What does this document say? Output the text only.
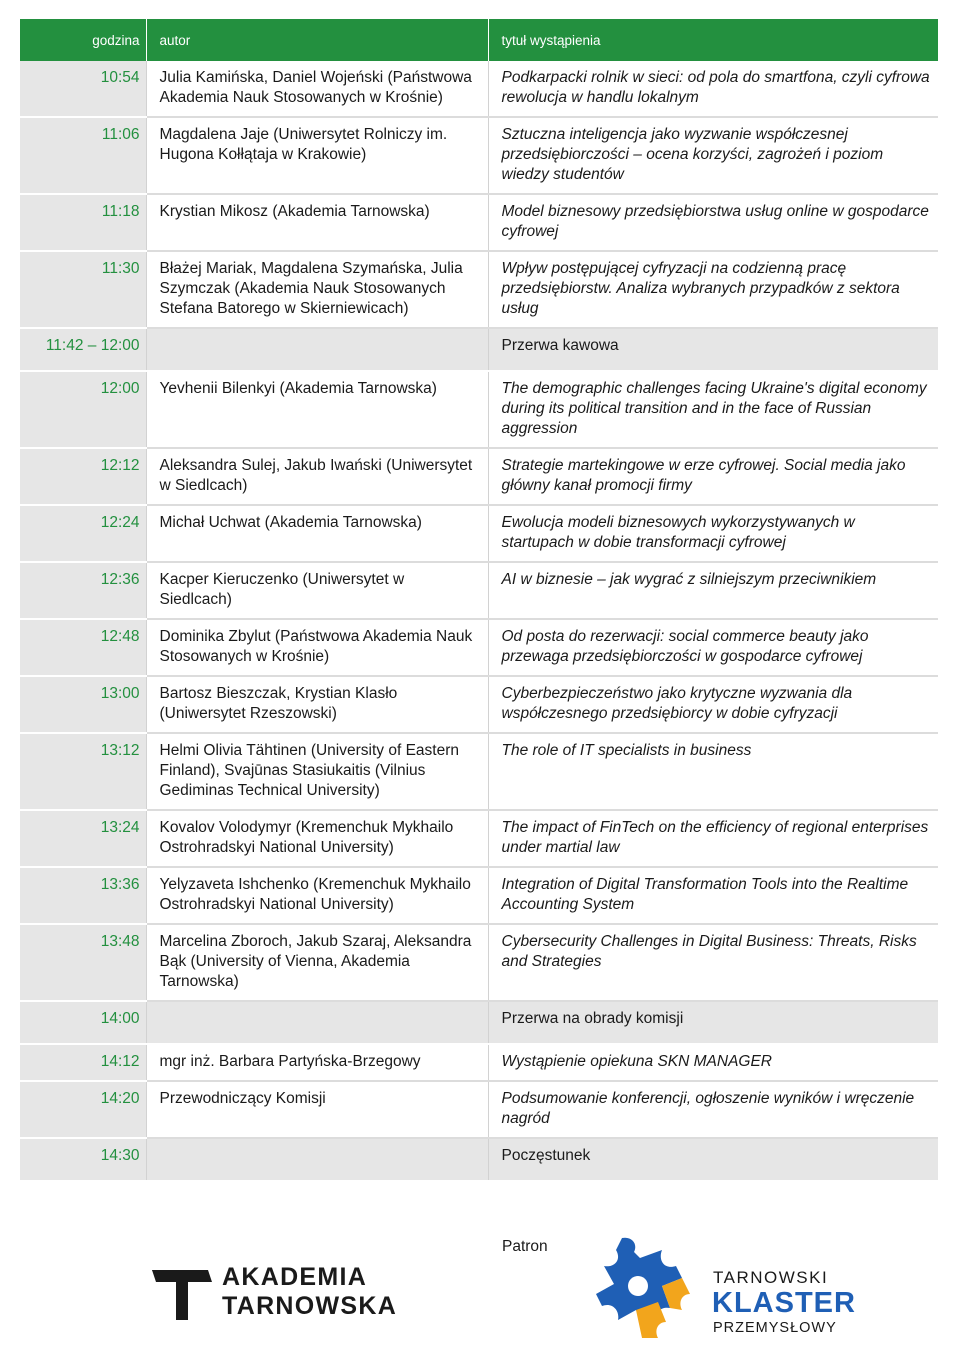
godzina	autor	tytuł wystąpienia
10:54	Julia Kamińska, Daniel Wojeński (Państwowa Akademia Nauk Stosowanych w Krośnie)	Podkarpacki rolnik w sieci: od pola do smartfona, czyli cyfrowa rewolucja w handlu lokalnym
11:06	Magdalena Jaje (Uniwersytet Rolniczy im. Hugona Kołłątaja w Krakowie)	Sztuczna inteligencja jako wyzwanie współczesnej przedsiębiorczości – ocena korzyści, zagrożeń i poziom wiedzy studentów
11:18	Krystian Mikosz (Akademia Tarnowska)	Model biznesowy przedsiębiorstwa usług online w gospodarce cyfrowej
11:30	Błażej Mariak, Magdalena Szymańska, Julia Szymczak (Akademia Nauk Stosowanych Stefana Batorego w Skierniewicach)	Wpływ postępującej cyfryzacji na codzienną pracę przedsiębiorstw. Analiza wybranych przypadków z sektora usług
11:42 – 12:00		Przerwa kawowa
12:00	Yevhenii Bilenkyi (Akademia Tarnowska)	The demographic challenges facing Ukraine's digital economy during its political transition and in the face of Russian aggression
12:12	Aleksandra Sulej, Jakub Iwański (Uniwersytet w Siedlcach)	Strategie martekingowe w erze cyfrowej. Social media jako główny kanał promocji firmy
12:24	Michał Uchwat (Akademia Tarnowska)	Ewolucja modeli biznesowych wykorzystywanych w startupach w dobie transformacji cyfrowej
12:36	Kacper Kieruczenko (Uniwersytet w Siedlcach)	AI w biznesie – jak wygrać z silniejszym przeciwnikiem
12:48	Dominika Zbylut (Państwowa Akademia Nauk Stosowanych w Krośnie)	Od posta do rezerwacji: social commerce beauty jako przewaga przedsiębiorczości w gospodarce cyfrowej
13:00	Bartosz Bieszczak, Krystian Klasło (Uniwersytet Rzeszowski)	Cyberbezpieczeństwo jako krytyczne wyzwania dla współczesnego przedsiębiorcy w dobie cyfryzacji
13:12	Helmi Olivia Tähtinen (University of Eastern Finland), Svajūnas Stasiukaitis (Vilnius Gediminas Technical University)	The role of IT specialists in business
13:24	Kovalov Volodymyr (Kremenchuk Mykhailo Ostrohradskyi National University)	The impact of FinTech on the efficiency of regional enterprises under martial law
13:36	Yelyzaveta Ishchenko (Kremenchuk Mykhailo Ostrohradskyi National University)	Integration of Digital Transformation Tools into the Realtime Accounting System
13:48	Marcelina Zboroch, Jakub Szaraj, Aleksandra Bąk (University of Vienna, Akademia Tarnowska)	Cybersecurity Challenges in Digital Business: Threats, Risks and Strategies
14:00		Przerwa na obrady komisji
14:12	mgr inż. Barbara Partyńska-Brzegowy	Wystąpienie opiekuna SKN MANAGER
14:20	Przewodniczący Komisji	Podsumowanie konferencji, ogłoszenie wyników i wręczenie nagród
14:30		Poczęstunek
AKADEMIA
TARNOWSKA
Patron
TARNOWSKI
KLASTER
PRZEMYSŁOWY
